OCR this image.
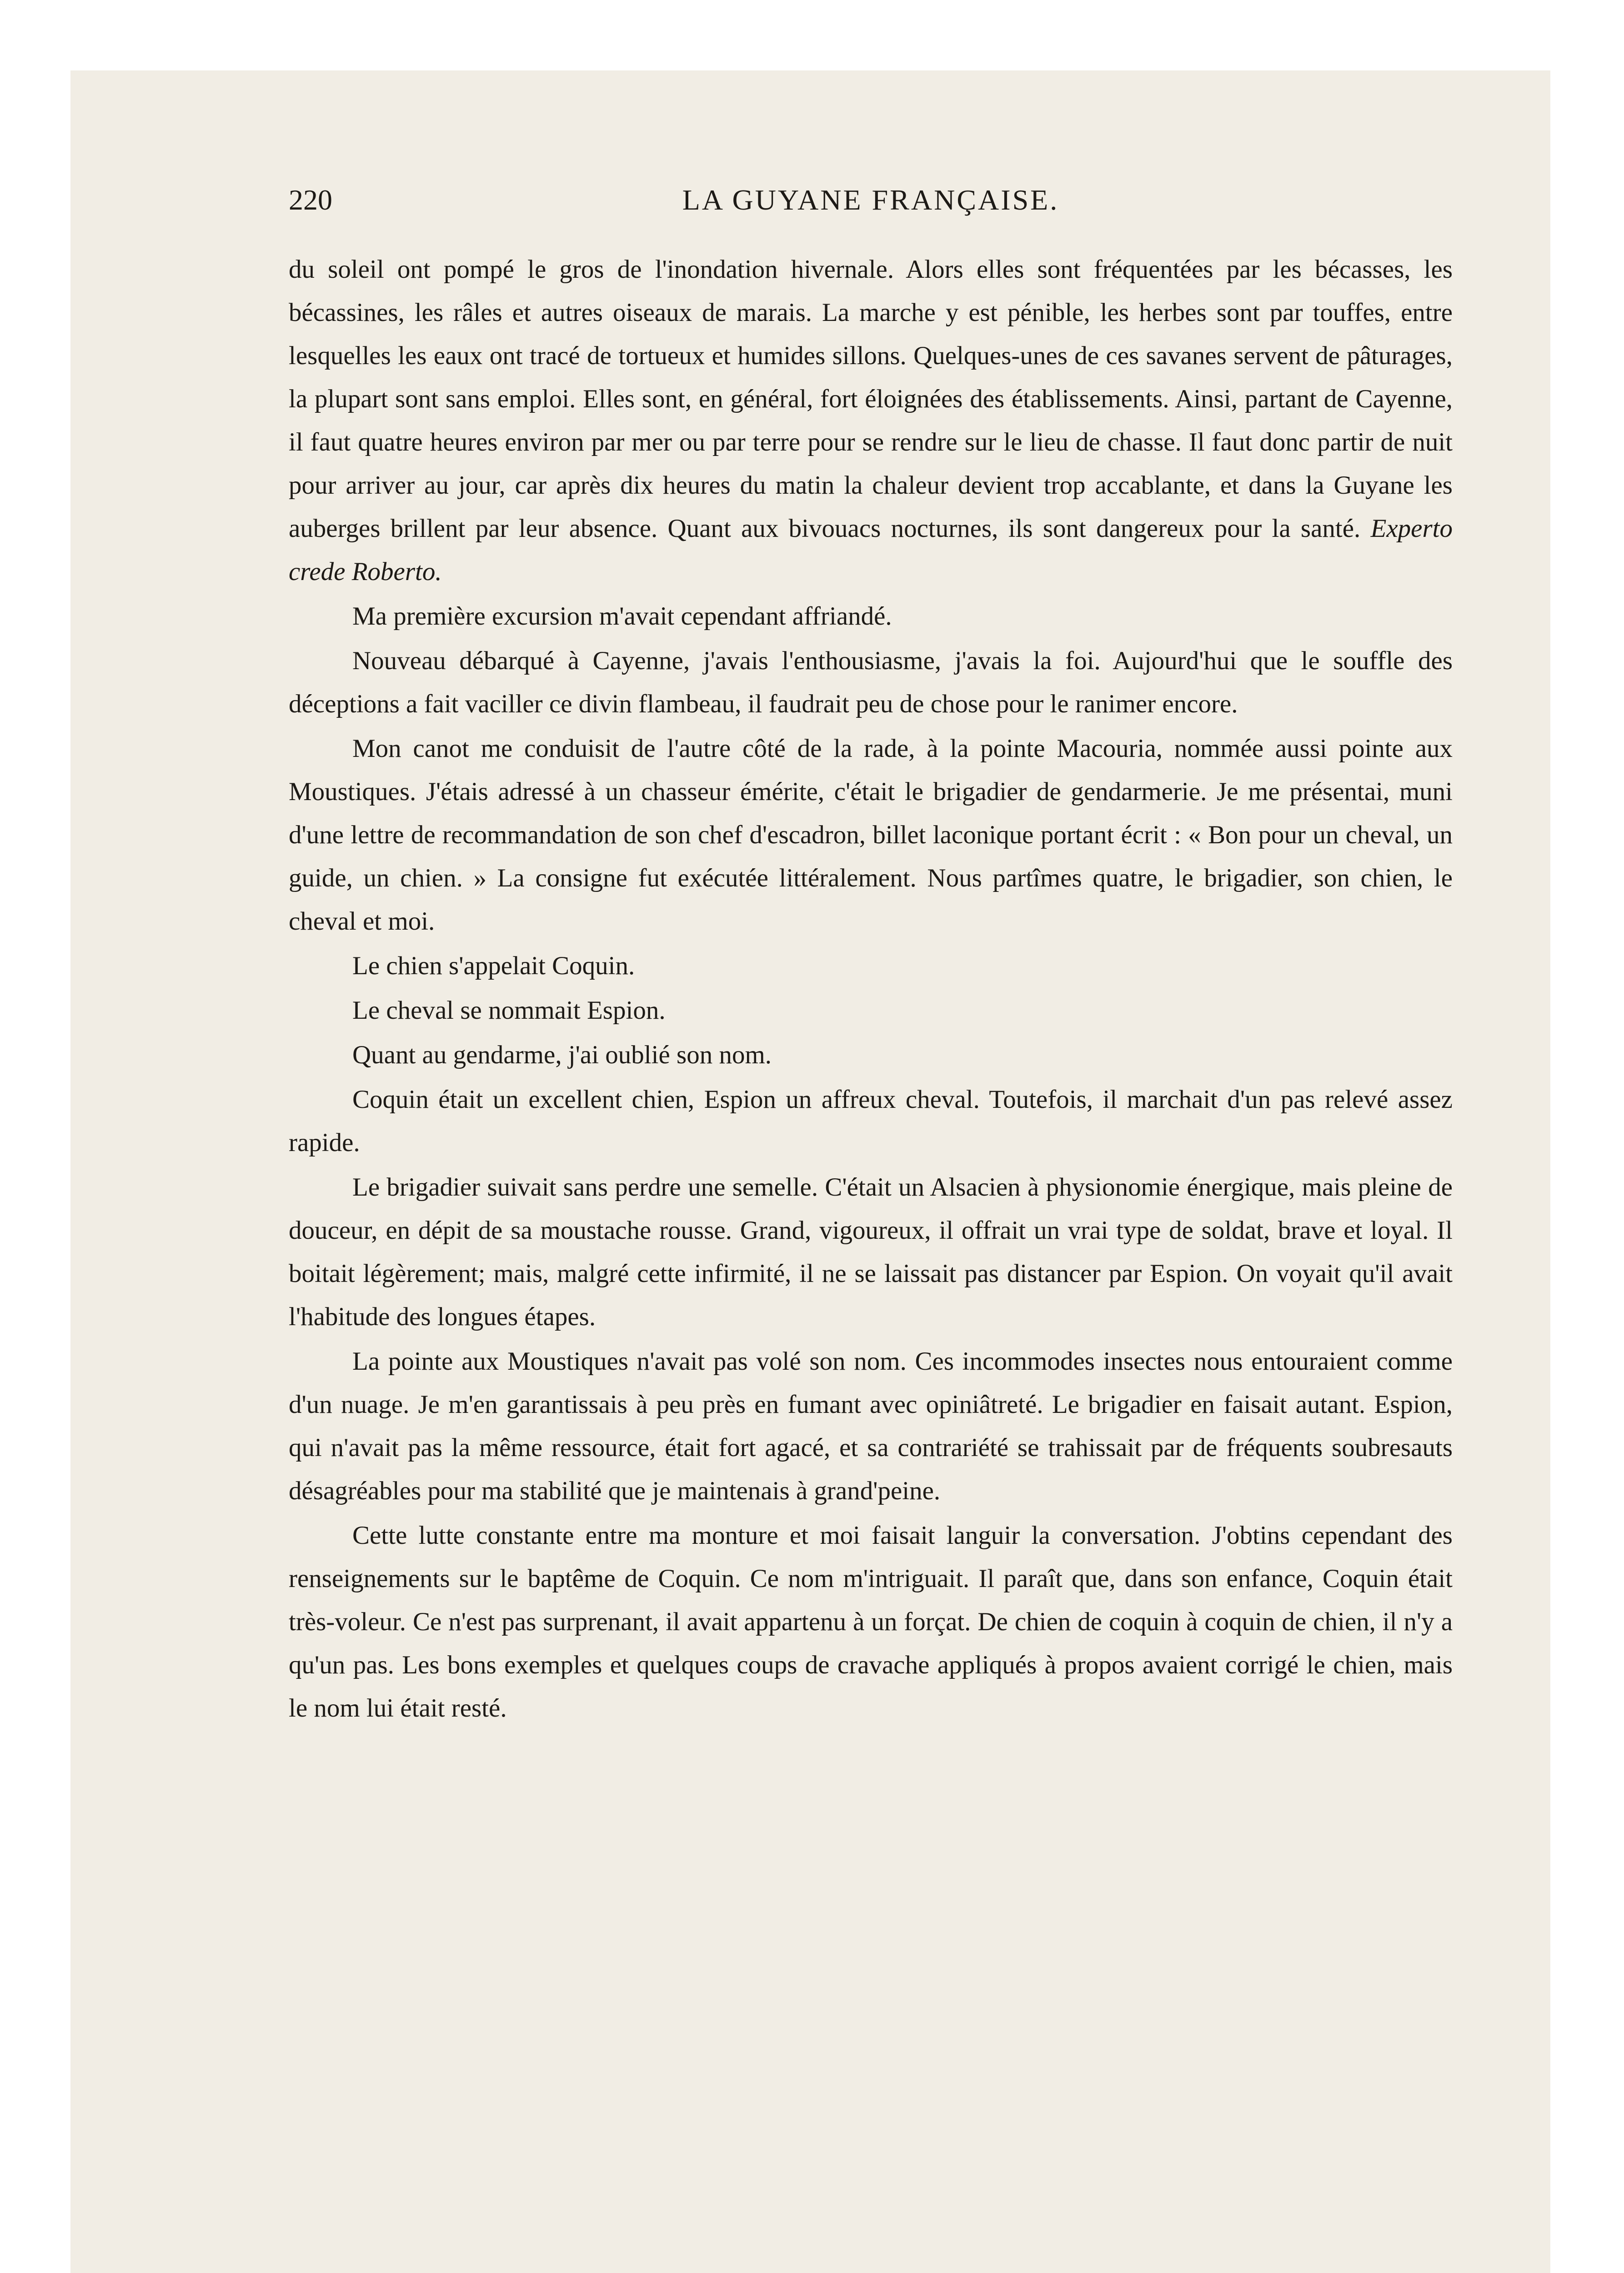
220	LA GUYANE FRANÇAISE.

du soleil ont pompé le gros de l'inondation hivernale. Alors elles sont fréquentées par les bécasses, les bécassines, les râles et autres oiseaux de marais. La marche y est pénible, les herbes sont par touffes, entre lesquelles les eaux ont tracé de tortueux et humides sillons. Quelques-unes de ces savanes servent de pâturages, la plupart sont sans emploi. Elles sont, en général, fort éloignées des établissements. Ainsi, partant de Cayenne, il faut quatre heures environ par mer ou par terre pour se rendre sur le lieu de chasse. Il faut donc partir de nuit pour arriver au jour, car après dix heures du matin la chaleur devient trop accablante, et dans la Guyane les auberges brillent par leur absence. Quant aux bivouacs nocturnes, ils sont dangereux pour la santé. Experto crede Roberto.

Ma première excursion m'avait cependant affriandé.

Nouveau débarqué à Cayenne, j'avais l'enthousiasme, j'avais la foi. Aujourd'hui que le souffle des déceptions a fait vaciller ce divin flambeau, il faudrait peu de chose pour le ranimer encore.

Mon canot me conduisit de l'autre côté de la rade, à la pointe Macouria, nommée aussi pointe aux Moustiques. J'étais adressé à un chasseur émérite, c'était le brigadier de gendarmerie. Je me présentai, muni d'une lettre de recommandation de son chef d'escadron, billet laconique portant écrit : « Bon pour un cheval, un guide, un chien. » La consigne fut exécutée littéralement. Nous partîmes quatre, le brigadier, son chien, le cheval et moi.

Le chien s'appelait Coquin.

Le cheval se nommait Espion.

Quant au gendarme, j'ai oublié son nom.

Coquin était un excellent chien, Espion un affreux cheval. Toutefois, il marchait d'un pas relevé assez rapide.

Le brigadier suivait sans perdre une semelle. C'était un Alsacien à physionomie énergique, mais pleine de douceur, en dépit de sa moustache rousse. Grand, vigoureux, il offrait un vrai type de soldat, brave et loyal. Il boitait légèrement; mais, malgré cette infirmité, il ne se laissait pas distancer par Espion. On voyait qu'il avait l'habitude des longues étapes.

La pointe aux Moustiques n'avait pas volé son nom. Ces incommodes insectes nous entouraient comme d'un nuage. Je m'en garantissais à peu près en fumant avec opiniâtreté. Le brigadier en faisait autant. Espion, qui n'avait pas la même ressource, était fort agacé, et sa contrariété se trahissait par de fréquents soubresauts désagréables pour ma stabilité que je maintenais à grand'peine.

Cette lutte constante entre ma monture et moi faisait languir la conversation. J'obtins cependant des renseignements sur le baptême de Coquin. Ce nom m'intriguait. Il paraît que, dans son enfance, Coquin était très-voleur. Ce n'est pas surprenant, il avait appartenu à un forçat. De chien de coquin à coquin de chien, il n'y a qu'un pas. Les bons exemples et quelques coups de cravache appliqués à propos avaient corrigé le chien, mais le nom lui était resté.
